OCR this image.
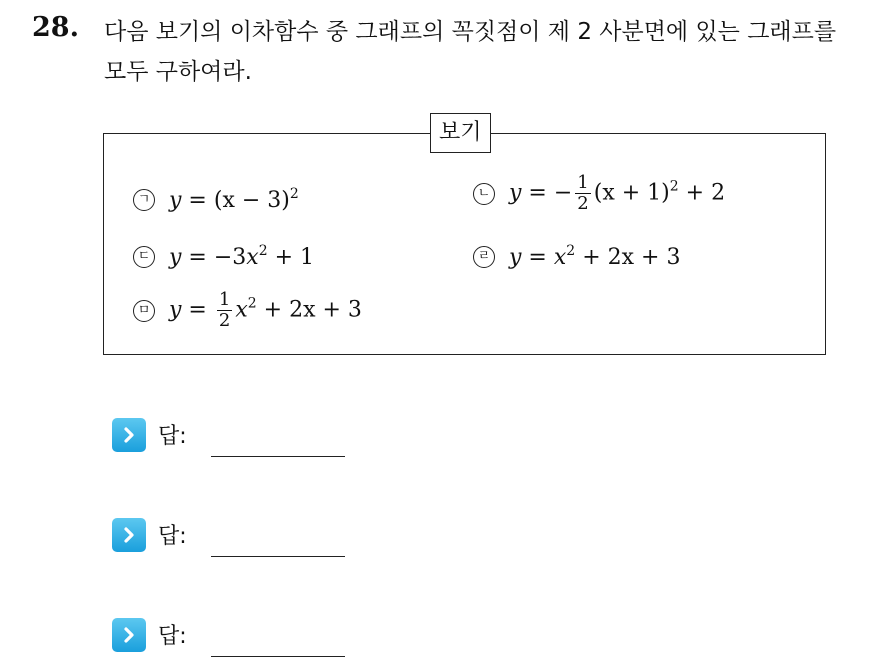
28. 다음 보기의 이차함수 중 그래프의 꼭짓점이 제 2 사분면에 있는 그래프를 모두 구하여라.
보기
ㄱ $y = (x - 3)^2$	ㄴ y = − $\frac{1}{2} (x + 1)^2 + 2$
ㄷ $y = -3x^2 + 1$	ㄹ $y = x^2 + 2x + 3$
ㅁ $y = \frac{1}{2} x^2 + 2x + 3$
답:
답:
답:
